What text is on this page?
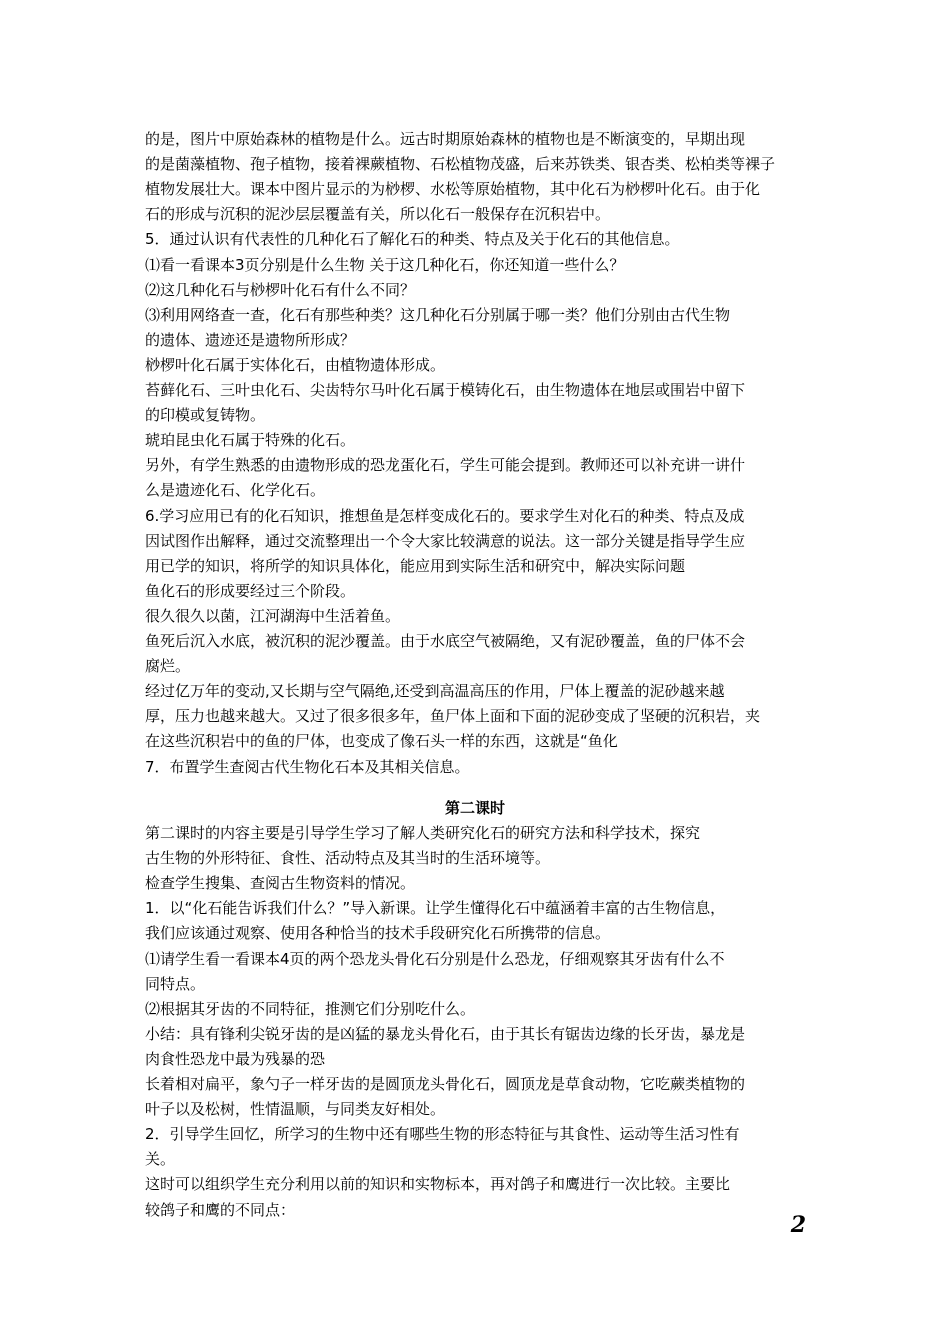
的是，图片中原始森林的植物是什么。远古时期原始森林的植物也是不断演变的，早期出现
的是菌藻植物、孢子植物，接着裸蕨植物、石松植物茂盛，后来苏铁类、银杏类、松柏类等裸子
植物发展壮大。课本中图片显示的为桫椤、水松等原始植物，其中化石为桫椤叶化石。由于化
石的形成与沉积的泥沙层层覆盖有关，所以化石一般保存在沉积岩中。
5．通过认识有代表性的几种化石了解化石的种类、特点及关于化石的其他信息。
⑴看一看课本3页分别是什么生物 关于这几种化石，你还知道一些什么？
⑵这几种化石与桫椤叶化石有什么不同？
⑶利用网络查一查，化石有那些种类？这几种化石分别属于哪一类？他们分别由古代生物
的遗体、遗迹还是遗物所形成？
桫椤叶化石属于实体化石，由植物遗体形成。
苔藓化石、三叶虫化石、尖齿特尔马叶化石属于模铸化石，由生物遗体在地层或围岩中留下
的印模或复铸物。
琥珀昆虫化石属于特殊的化石。
另外，有学生熟悉的由遗物形成的恐龙蛋化石，学生可能会提到。教师还可以补充讲一讲什
么是遗迹化石、化学化石。
6.学习应用已有的化石知识，推想鱼是怎样变成化石的。要求学生对化石的种类、特点及成
因试图作出解释，通过交流整理出一个令大家比较满意的说法。这一部分关键是指导学生应
用已学的知识，将所学的知识具体化，能应用到实际生活和研究中，解决实际问题
鱼化石的形成要经过三个阶段。
很久很久以菌，江河湖海中生活着鱼。
鱼死后沉入水底，被沉积的泥沙覆盖。由于水底空气被隔绝，又有泥砂覆盖，鱼的尸体不会
腐烂。
经过亿万年的变动,又长期与空气隔绝,还受到高温高压的作用，尸体上覆盖的泥砂越来越
厚，压力也越来越大。又过了很多很多年，鱼尸体上面和下面的泥砂变成了坚硬的沉积岩，夹
在这些沉积岩中的鱼的尸体，也变成了像石头一样的东西，这就是“鱼化
7．布置学生查阅古代生物化石本及其相关信息。
第二课时
第二课时的内容主要是引导学生学习了解人类研究化石的研究方法和科学技术，探究
古生物的外形特征、食性、活动特点及其当时的生活环境等。
检查学生搜集、查阅古生物资料的情况。
1．以“化石能告诉我们什么？”导入新课。让学生懂得化石中蕴涵着丰富的古生物信息，
我们应该通过观察、使用各种恰当的技术手段研究化石所携带的信息。
⑴请学生看一看课本4页的两个恐龙头骨化石分别是什么恐龙，仔细观察其牙齿有什么不
同特点。
⑵根据其牙齿的不同特征，推测它们分别吃什么。
小结：具有锋利尖锐牙齿的是凶猛的暴龙头骨化石，由于其长有锯齿边缘的长牙齿，暴龙是
肉食性恐龙中最为残暴的恐
长着相对扁平，象勺子一样牙齿的是圆顶龙头骨化石，圆顶龙是草食动物，它吃蕨类植物的
叶子以及松树，性情温顺，与同类友好相处。
2．引导学生回忆，所学习的生物中还有哪些生物的形态特征与其食性、运动等生活习性有
关。
这时可以组织学生充分利用以前的知识和实物标本，再对鸽子和鹰进行一次比较。主要比
较鸽子和鹰的不同点：
2
